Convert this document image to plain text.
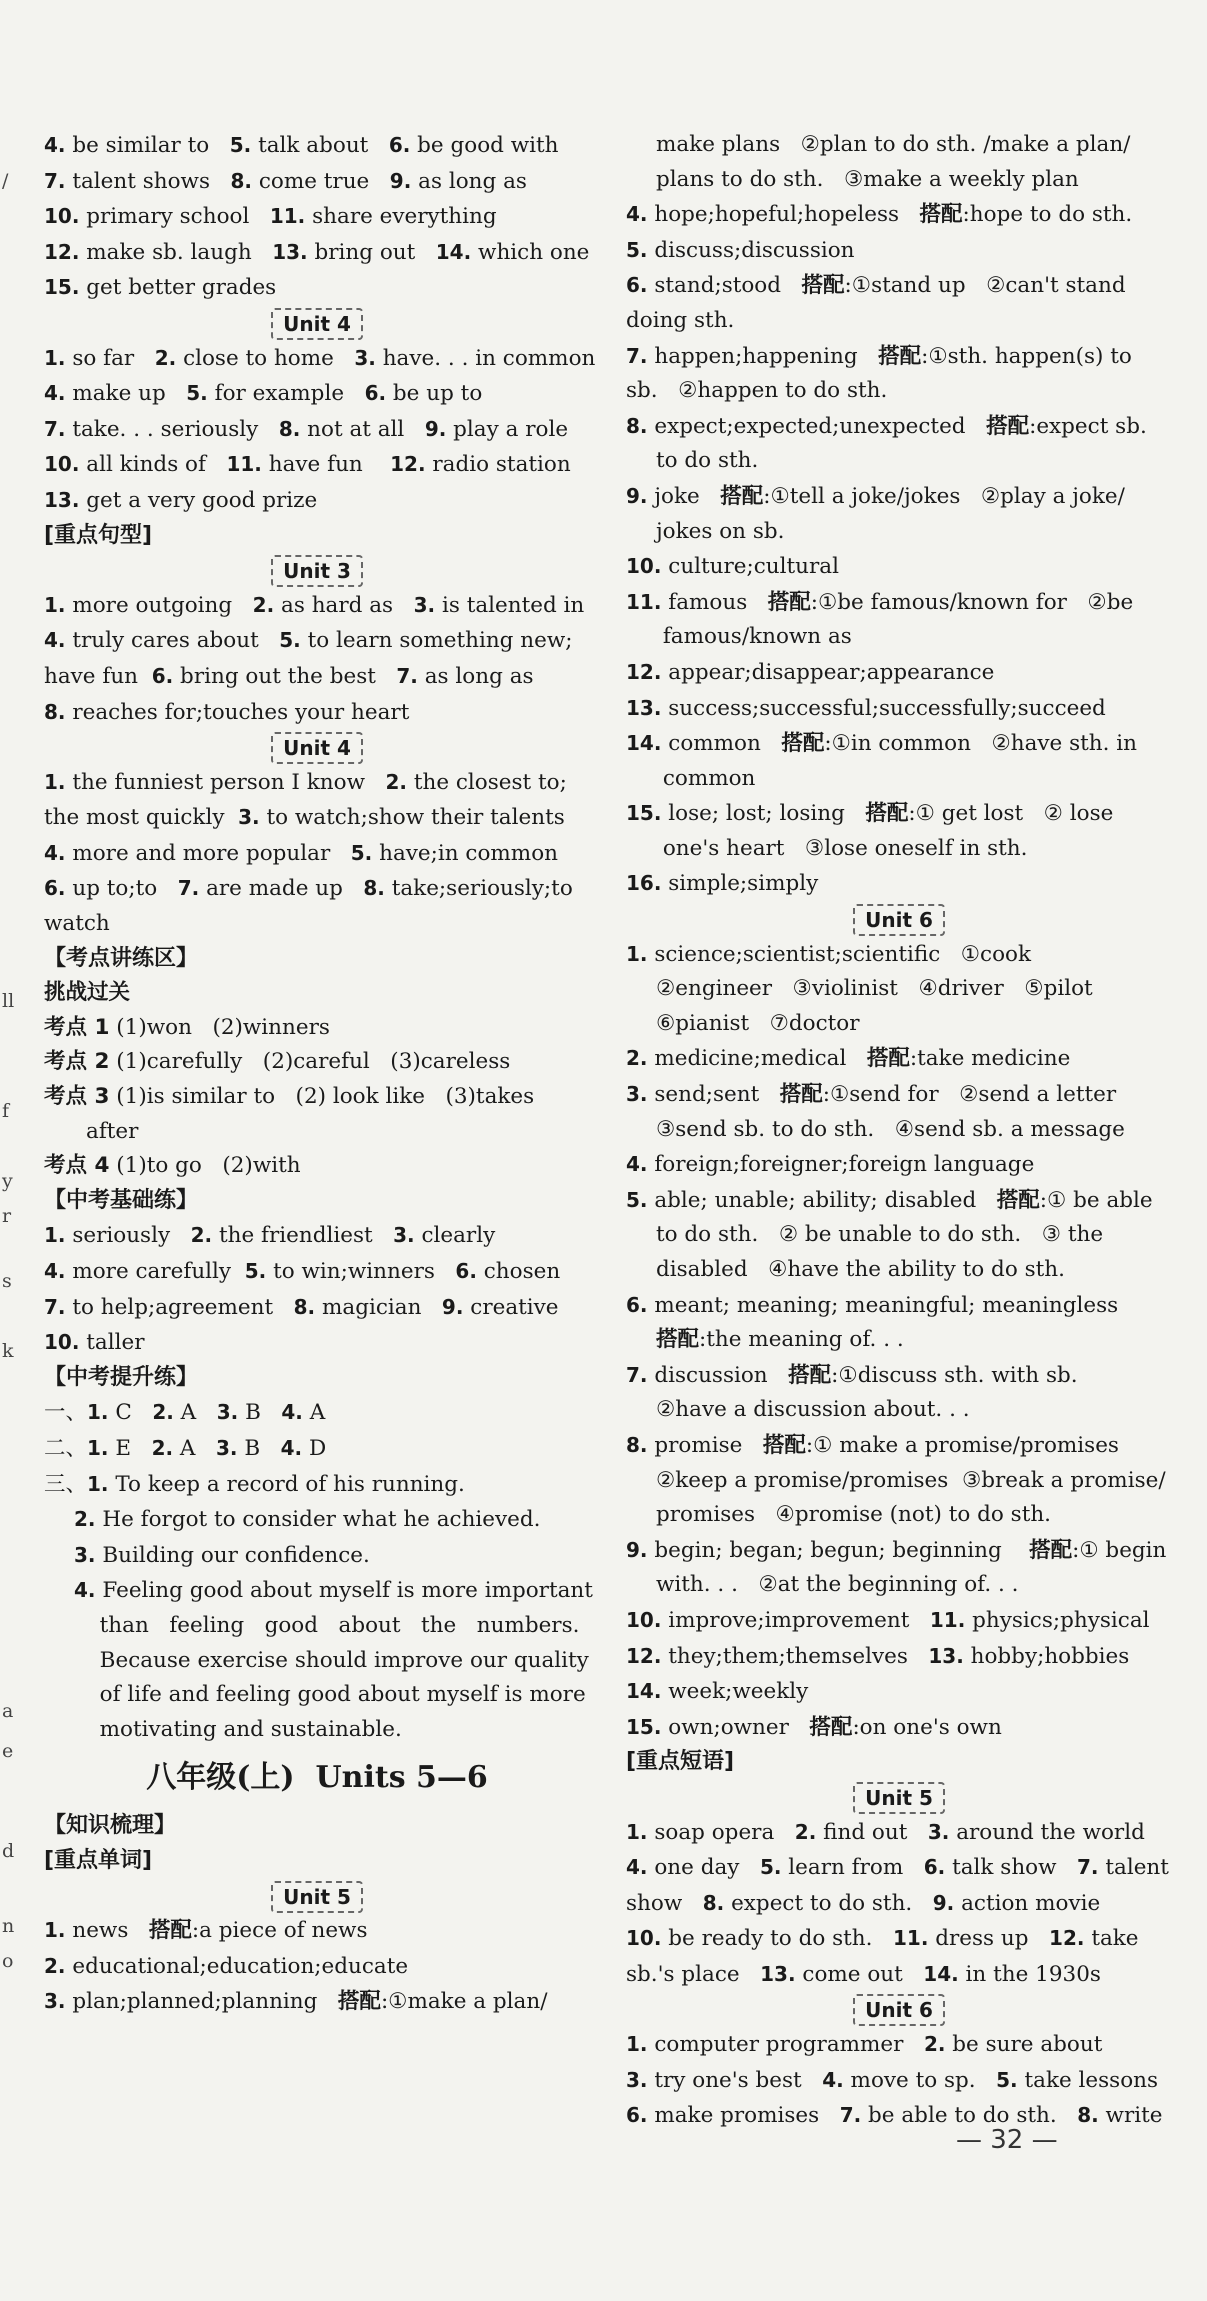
/
ll
f
y
r
s
k
a
e
d
n
o
4. be similar to   5. talk about   6. be good with
7. talent shows   8. come true   9. as long as
10. primary school   11. share everything
12. make sb. laugh   13. bring out   14. which one
15. get better grades
Unit 4
1. so far   2. close to home   3. have. . . in common
4. make up   5. for example   6. be up to
7. take. . . seriously   8. not at all   9. play a role
10. all kinds of   11. have fun    12. radio station
13. get a very good prize
[重点句型]
Unit 3
1. more outgoing   2. as hard as   3. is talented in
4. truly cares about   5. to learn something new;
have fun  6. bring out the best   7. as long as
8. reaches for;touches your heart
Unit 4
1. the funniest person I know   2. the closest to;
the most quickly  3. to watch;show their talents
4. more and more popular   5. have;in common
6. up to;to   7. are made up   8. take;seriously;to
watch
【考点讲练区】
挑战过关
考点 1 (1)won   (2)winners
考点 2 (1)carefully   (2)careful   (3)careless
考点 3 (1)is similar to   (2) look like   (3)takes
after
考点 4 (1)to go   (2)with
【中考基础练】
1. seriously   2. the friendliest   3. clearly
4. more carefully  5. to win;winners   6. chosen
7. to help;agreement   8. magician   9. creative
10. taller
【中考提升练】
一、1. C   2. A   3. B   4. A
二、1. E   2. A   3. B   4. D
三、1. To keep a record of his running.
2. He forgot to consider what he achieved.
3. Building our confidence.
4. Feeling good about myself is more important
than   feeling   good   about   the   numbers.
Because exercise should improve our quality
of life and feeling good about myself is more
motivating and sustainable.
八年级(上)  Units 5—6
【知识梳理】
[重点单词]
Unit 5
1. news   搭配:a piece of news
2. educational;education;educate
3. plan;planned;planning   搭配:①make a plan/
make plans   ②plan to do sth. /make a plan/
plans to do sth.   ③make a weekly plan
4. hope;hopeful;hopeless   搭配:hope to do sth.
5. discuss;discussion
6. stand;stood   搭配:①stand up   ②can't stand
doing sth.
7. happen;happening   搭配:①sth. happen(s) to
sb.   ②happen to do sth.
8. expect;expected;unexpected   搭配:expect sb.
to do sth.
9. joke   搭配:①tell a joke/jokes   ②play a joke/
jokes on sb.
10. culture;cultural
11. famous   搭配:①be famous/known for   ②be
famous/known as
12. appear;disappear;appearance
13. success;successful;successfully;succeed
14. common   搭配:①in common   ②have sth. in
common
15. lose; lost; losing   搭配:① get lost   ② lose
one's heart   ③lose oneself in sth.
16. simple;simply
Unit 6
1. science;scientist;scientific   ①cook
②engineer   ③violinist   ④driver   ⑤pilot
⑥pianist   ⑦doctor
2. medicine;medical   搭配:take medicine
3. send;sent   搭配:①send for   ②send a letter
③send sb. to do sth.   ④send sb. a message
4. foreign;foreigner;foreign language
5. able; unable; ability; disabled   搭配:① be able
to do sth.   ② be unable to do sth.   ③ the
disabled   ④have the ability to do sth.
6. meant; meaning; meaningful; meaningless
搭配:the meaning of. . .
7. discussion   搭配:①discuss sth. with sb.
②have a discussion about. . .
8. promise   搭配:① make a promise/promises
②keep a promise/promises  ③break a promise/
promises   ④promise (not) to do sth.
9. begin; began; begun; beginning    搭配:① begin
with. . .   ②at the beginning of. . .
10. improve;improvement   11. physics;physical
12. they;them;themselves   13. hobby;hobbies
14. week;weekly
15. own;owner   搭配:on one's own
[重点短语]
Unit 5
1. soap opera   2. find out   3. around the world
4. one day   5. learn from   6. talk show   7. talent
show   8. expect to do sth.   9. action movie
10. be ready to do sth.   11. dress up   12. take
sb.'s place   13. come out   14. in the 1930s
Unit 6
1. computer programmer   2. be sure about
3. try one's best   4. move to sp.   5. take lessons
6. make promises   7. be able to do sth.   8. write
— 32 —
